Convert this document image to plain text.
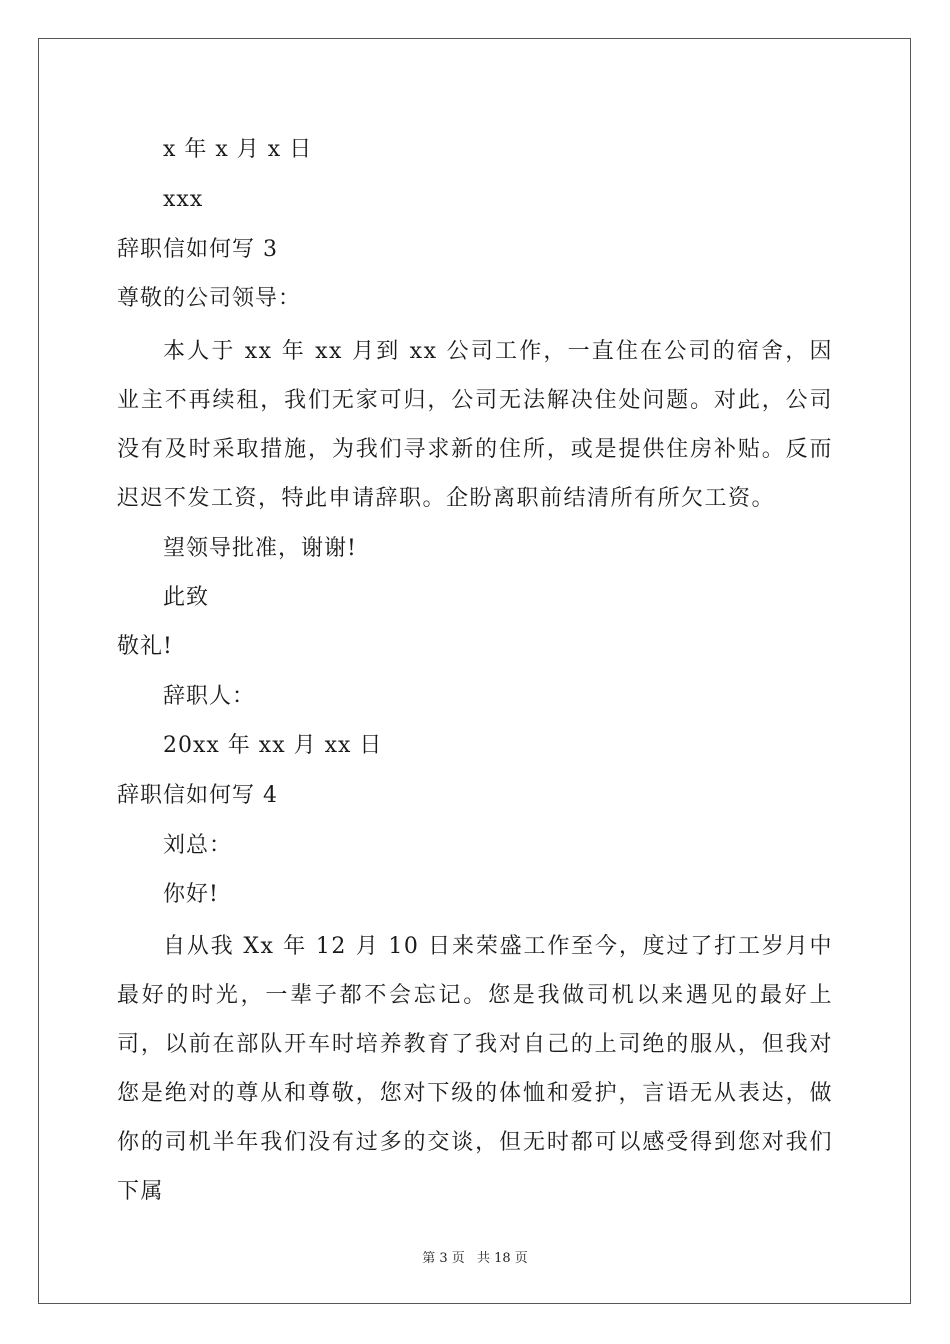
x 年 x 月 x 日
xxx
辞职信如何写 3
尊敬的公司领导：
本人于 xx 年 xx 月到 xx 公司工作，一直住在公司的宿舍，因业主不再续租，我们无家可归，公司无法解决住处问题。对此，公司没有及时采取措施，为我们寻求新的住所，或是提供住房补贴。反而迟迟不发工资，特此申请辞职。企盼离职前结清所有所欠工资。
望领导批准，谢谢!
此致
敬礼!
辞职人：
20xx 年 xx 月 xx 日
辞职信如何写 4
刘总：
你好!
自从我 Xx 年 12 月 10 日来荣盛工作至今，度过了打工岁月中最好的时光，一辈子都不会忘记。您是我做司机以来遇见的最好上司，以前在部队开车时培养教育了我对自己的上司绝的服从，但我对您是绝对的尊从和尊敬，您对下级的体恤和爱护，言语无从表达，做你的司机半年我们没有过多的交谈，但无时都可以感受得到您对我们下属
第 3 页 共 18 页
